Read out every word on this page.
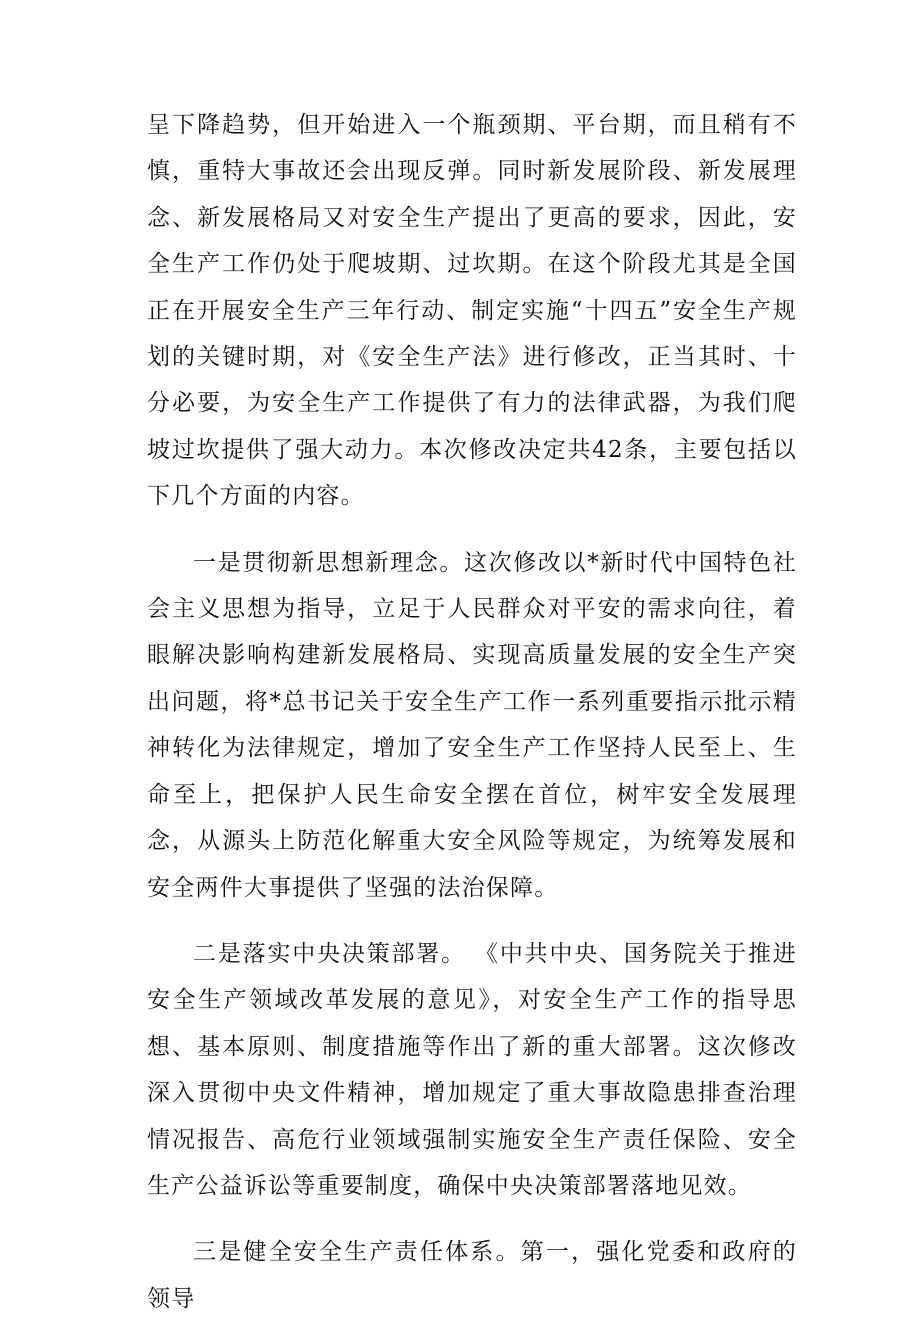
呈下降趋势，但开始进入一个瓶颈期、平台期，而且稍有不慎，重特大事故还会出现反弹。同时新发展阶段、新发展理念、新发展格局又对安全生产提出了更高的要求，因此，安全生产工作仍处于爬坡期、过坎期。在这个阶段尤其是全国正在开展安全生产三年行动、制定实施“十四五”安全生产规划的关键时期，对《安全生产法》进行修改，正当其时、十分必要，为安全生产工作提供了有力的法律武器，为我们爬坡过坎提供了强大动力。本次修改决定共42条，主要包括以下几个方面的内容。

一是贯彻新思想新理念。这次修改以*新时代中国特色社会主义思想为指导，立足于人民群众对平安的需求向往，着眼解决影响构建新发展格局、实现高质量发展的安全生产突出问题，将*总书记关于安全生产工作一系列重要指示批示精神转化为法律规定，增加了安全生产工作坚持人民至上、生命至上，把保护人民生命安全摆在首位，树牢安全发展理念，从源头上防范化解重大安全风险等规定，为统筹发展和安全两件大事提供了坚强的法治保障。

二是落实中央决策部署。 《中共中央、国务院关于推进安全生产领域改革发展的意见》，对安全生产工作的指导思想、基本原则、制度措施等作出了新的重大部署。这次修改深入贯彻中央文件精神，增加规定了重大事故隐患排查治理情况报告、高危行业领域强制实施安全生产责任保险、安全生产公益诉讼等重要制度，确保中央决策部署落地见效。

三是健全安全生产责任体系。第一，强化党委和政府的领导
